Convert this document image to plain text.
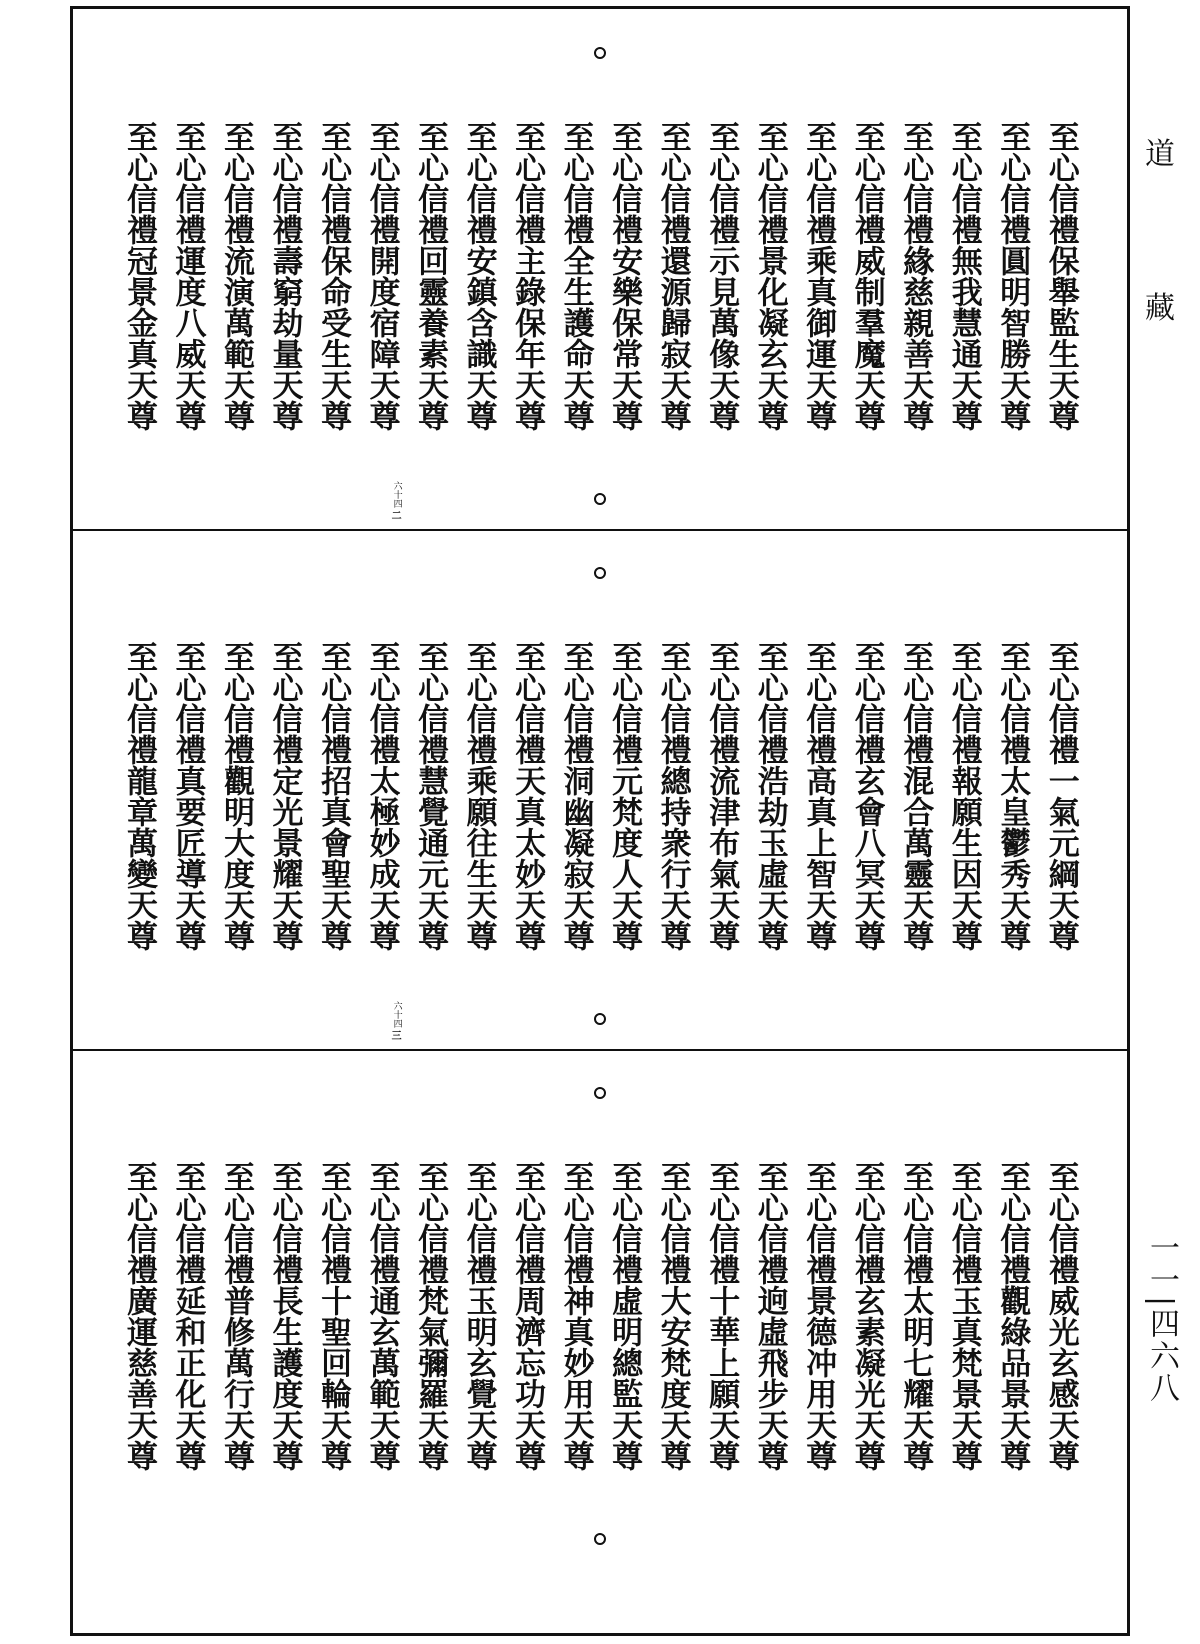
至心信禮保舉監生天尊
至心信禮圓明智勝天尊
至心信禮無我慧通天尊
至心信禮緣慈親善天尊
至心信禮威制羣魔天尊
至心信禮乘真御運天尊
至心信禮景化凝玄天尊
至心信禮示見萬像天尊
至心信禮還源歸寂天尊
至心信禮安樂保常天尊
至心信禮全生護命天尊
至心信禮主錄保年天尊
至心信禮安鎮含識天尊
至心信禮回靈養素天尊
至心信禮開度宿障天尊
六十四
二
至心信禮保命受生天尊
至心信禮壽窮劫量天尊
至心信禮流演萬範天尊
至心信禮運度八威天尊
至心信禮冠景金真天尊
至心信禮一氣元綱天尊
至心信禮太皇鬱秀天尊
至心信禮報願生因天尊
至心信禮混合萬靈天尊
至心信禮玄會八冥天尊
至心信禮高真上智天尊
至心信禮浩劫玉虛天尊
至心信禮流津布氣天尊
至心信禮總持衆行天尊
至心信禮元梵度人天尊
至心信禮洞幽凝寂天尊
至心信禮天真太妙天尊
至心信禮乘願往生天尊
至心信禮慧覺通元天尊
至心信禮太極妙成天尊
六十四
三
至心信禮招真會聖天尊
至心信禮定光景耀天尊
至心信禮觀明大度天尊
至心信禮真要匠導天尊
至心信禮龍章萬變天尊
至心信禮威光玄感天尊
至心信禮觀綠品景天尊
至心信禮玉真梵景天尊
至心信禮太明七耀天尊
至心信禮玄素凝光天尊
至心信禮景德冲用天尊
至心信禮逈虛飛步天尊
至心信禮十華上願天尊
至心信禮大安梵度天尊
至心信禮虛明總監天尊
至心信禮神真妙用天尊
至心信禮周濟忘功天尊
至心信禮玉明玄覺天尊
至心信禮梵氣彌羅天尊
至心信禮通玄萬範天尊
至心信禮十聖回輪天尊
至心信禮長生護度天尊
至心信禮普修萬行天尊
至心信禮延和正化天尊
至心信禮廣運慈善天尊
道
藏
一一|四六八
